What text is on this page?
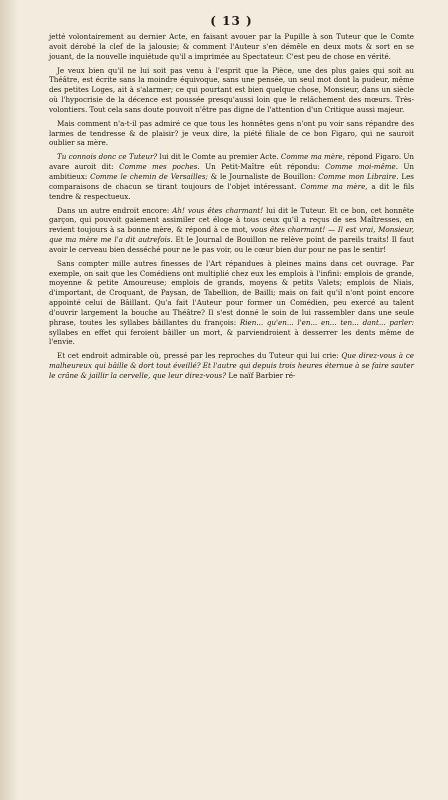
( 13 )

jetté volontairement au dernier Acte, en faisant avouer par la Pupille à son Tuteur que le Comte avoit dérobé la clef de la jalousie; & comment l'Auteur s'en démêle en deux mots & sort en se jouant, de la nouvelle inquiétude qu'il a imprimée au Spectateur. C'est peu de chose en vérité.

Je veux bien qu'il ne lui soit pas venu à l'esprit que la Pièce, une des plus gaies qui soit au Théâtre, est écrite sans la moindre équivoque, sans une pensée, un seul mot dont la pudeur, même des petites Loges, ait à s'alarmer; ce qui pourtant est bien quelque chose, Monsieur, dans un siècle où l'hypocrisie de la décence est poussée presqu'aussi loin que le relâchement des mœurs. Très-volontiers. Tout cela sans doute pouvoit n'être pas digne de l'attention d'un Critique aussi majeur.

Mais comment n'a-t-il pas admiré ce que tous les honnêtes gens n'ont pu voir sans répandre des larmes de tendresse & de plaisir? je veux dire, la piété filiale de ce bon Figaro, qui ne sauroit oublier sa mère.

Tu connois donc ce Tuteur? lui dit le Comte au premier Acte. Comme ma mère, répond Figaro. Un avare auroit dit: Comme mes poches. Un Petit-Maître eût répondu: Comme moi-même. Un ambitieux: Comme le chemin de Versailles; & le Journaliste de Bouillon: Comme mon Libraire. Les comparaisons de chacun se tirant toujours de l'objet intéressant. Comme ma mère, a dit le fils tendre & respectueux.

Dans un autre endroit encore: Ah! vous êtes charmant! lui dit le Tuteur. Et ce bon, cet honnête garçon, qui pouvoit gaiement assimiler cet éloge à tous ceux qu'il a reçus de ses Maîtresses, en revient toujours à sa bonne mère, & répond à ce mot, vous êtes charmant! — Il est vrai, Monsieur, que ma mère me l'a dit autrefois. Et le Journal de Bouillon ne relève point de pareils traits! Il faut avoir le cerveau bien desséché pour ne le pas voir, ou le cœur bien dur pour ne pas le sentir!

Sans compter mille autres finesses de l'Art répandues à pleines mains dans cet ouvrage. Par exemple, on sait que les Comédiens ont multiplié chez eux les emplois à l'infini: emplois de grande, moyenne & petite Amoureuse; emplois de grands, moyens & petits Valets; emplois de Niais, d'important, de Croquant, de Paysan, de Tabellion, de Bailli; mais on fait qu'il n'ont point encore appointé celui de Bâillant. Qu'a fait l'Auteur pour former un Comédien, peu exercé au talent d'ouvrir largement la bouche au Théâtre? Il s'est donné le soin de lui rassembler dans une seule phrase, toutes les syllabes bâillantes du françois: Rien... qu'en... l'en... en... ten... dant... parler: syllabes en effet qui feroient bâiller un mort, & parviendroient à desserrer les dents même de l'envie.

Et cet endroit admirable où, pressé par les reproches du Tuteur qui lui crie: Que direz-vous à ce malheureux qui bâille & dort tout éveillé? Et l'autre qui depuis trois heures éternue à se faire sauter le crâne & jaillir la cervelle, que leur direz-vous? Le naïf Barbier ré-
